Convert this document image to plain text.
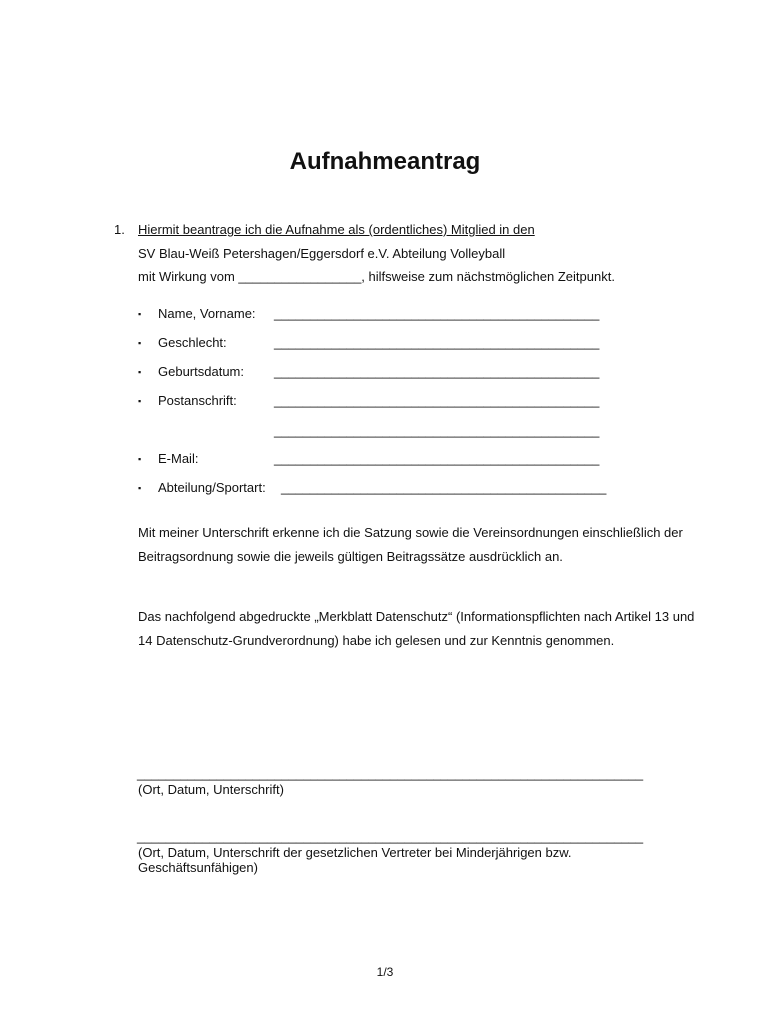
Aufnahmeantrag
1. Hiermit beantrage ich die Aufnahme als (ordentliches) Mitglied in den
SV Blau-Weiß Petershagen/Eggersdorf e.V. Abteilung Volleyball
mit Wirkung vom _________________, hilfsweise zum nächstmöglichen Zeitpunkt.
▪ Name, Vorname: _____________________________________________
▪ Geschlecht:	_____________________________________________
▪ Geburtsdatum: _____________________________________________
▪ Postanschrift:	_____________________________________________
_____________________________________________
▪ E-Mail:	_____________________________________________
▪ Abteilung/Sportart: _____________________________________________
Mit meiner Unterschrift erkenne ich die Satzung sowie die Vereinsordnungen einschließlich der Beitragsordnung sowie die jeweils gültigen Beitragssätze ausdrücklich an.
Das nachfolgend abgedruckte „Merkblatt Datenschutz“ (Informationspflichten nach Artikel 13 und 14 Datenschutz-Grundverordnung) habe ich gelesen und zur Kenntnis genommen.
______________________________________________________________________
(Ort, Datum, Unterschrift)
______________________________________________________________________
(Ort, Datum, Unterschrift der gesetzlichen Vertreter bei Minderjährigen bzw. Geschäftsunfähigen)
1/3
